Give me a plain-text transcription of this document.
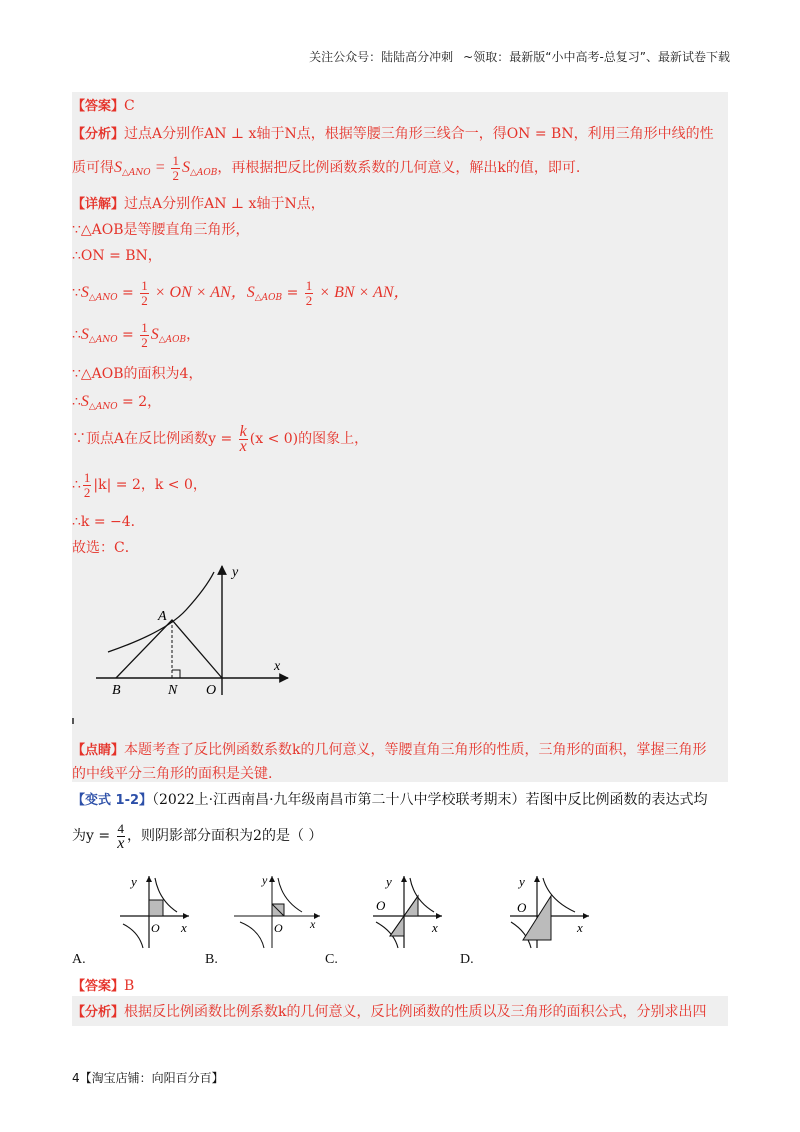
关注公众号：陆陆高分冲刺 ~领取：最新版“小中高考-总复习”、最新试卷下载
【答案】C
【分析】过点A分别作AN ⊥ x轴于N点，根据等腰三角形三线合一，得ON = BN，利用三角形中线的性
质可得$S_{\triangle ANO} = \frac{1}{2} S_{\triangle AOB}$，再根据把反比例函数系数的几何意义，解出k的值，即可.
【详解】过点A分别作AN ⊥ x轴于N点，
∵△AOB是等腰直角三角形，
∴ON = BN，
$\because S_{\triangle ANO} = \frac{1}{2}$ × ON × AN，$S_{\triangle AOB} = \frac{1}{2}$ × BN × AN，
$\therefore S_{\triangle ANO} = \frac{1}{2} S_{\triangle AOB}$，
∵△AOB的面积为4，
$\therefore S_{\triangle ANO} = 2$，
∵顶点A在反比例函数$y = \frac{k}{x} (x < 0)$的图象上，
∴ $\frac{1}{2} |k| = 2$，k < 0，
∴k = −4．
故选：C．
A
B	N O
x
y
【点睛】本题考查了反比例函数系数k的几何意义，等腰直角三角形的性质，三角形的面积，掌握三角形
的中线平分三角形的面积是关键.
【变式 1-2】（2022上·江西南昌·九年级南昌市第二十八中学校联考期末）若图中反比例函数的表达式均
为$y = \frac{4}{x}$ ，则阴影部分面积为2的是（ ）
O x
y
A.
O x
y
B.
O
x
y
C.
O
x
y
D.
【答案】B
【分析】根据反比例函数比例系数k的几何意义，反比例函数的性质以及三角形的面积公式，分别求出四
4【淘宝店铺：向阳百分百】
